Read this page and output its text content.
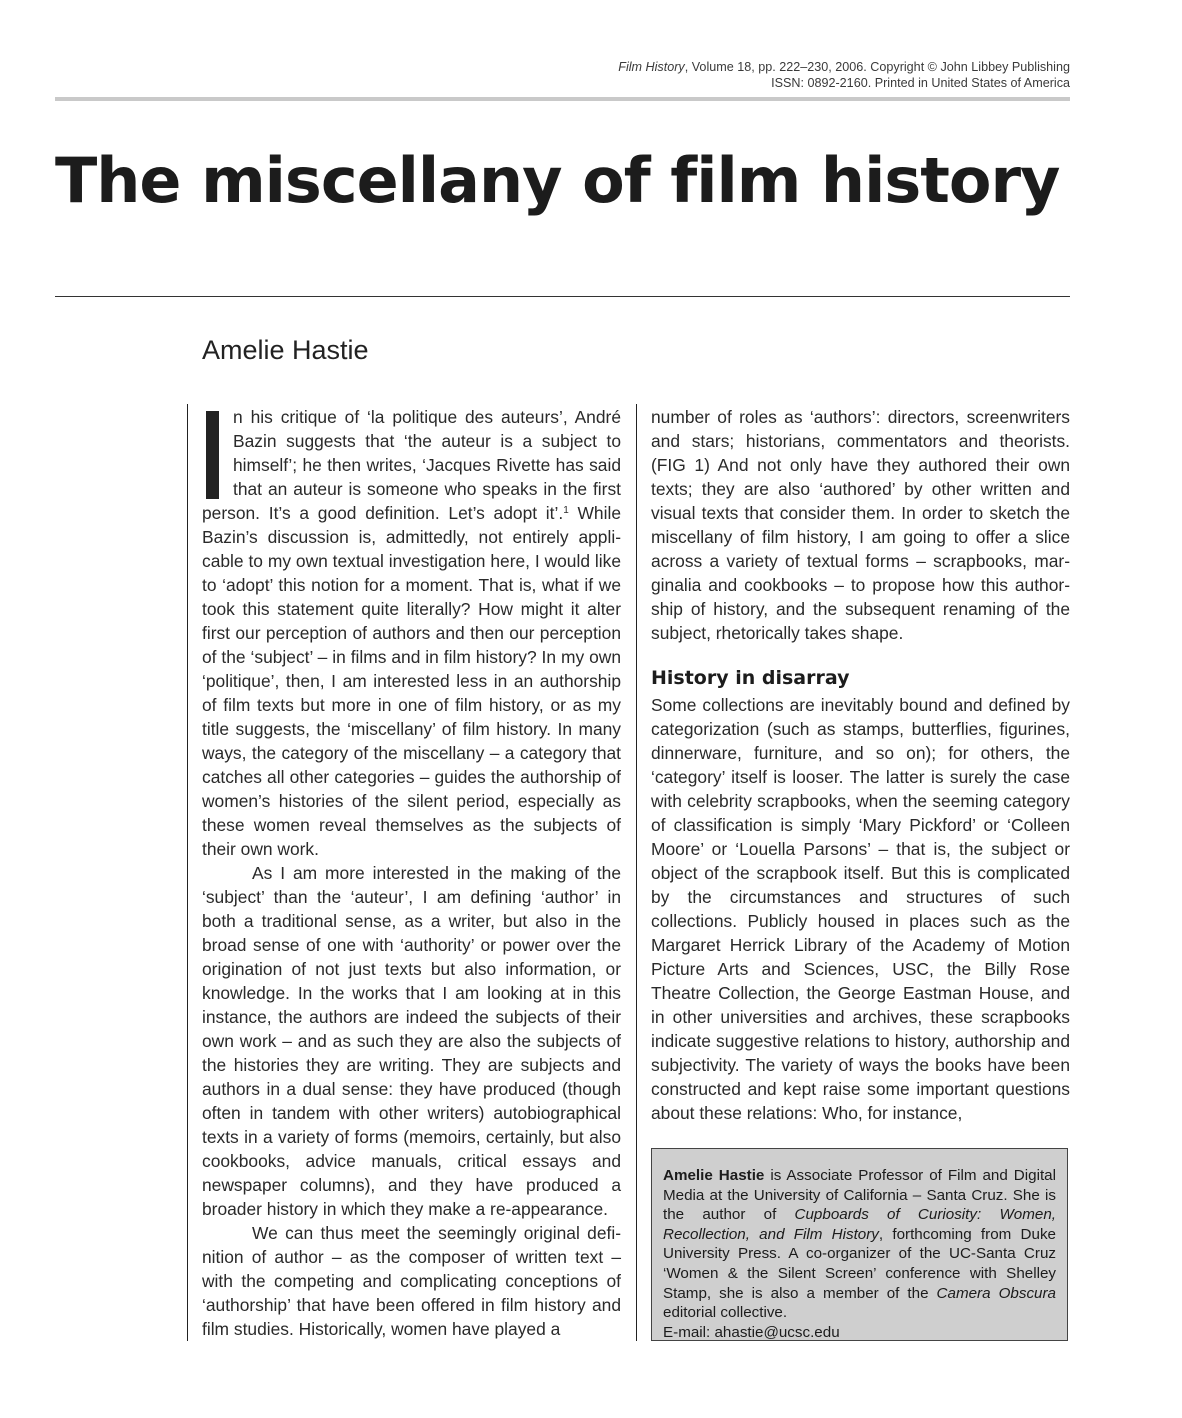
Film History, Volume 18, pp. 222–230, 2006. Copyright © John Libbey Publishing
ISSN: 0892-2160. Printed in United States of America
The miscellany of film history
Amelie Hastie

n his critique of ‘la politique des auteurs’, André Bazin suggests that ‘the auteur is a subject to himself’; he then writes, ‘Jacques Rivette has said that an auteur is someone who speaks in the first person. It’s a good definition. Let’s adopt it’.$^1$ While Bazin’s discussion is, admittedly, not entirely applicable to my own textual investigation here, I would like to ‘adopt’ this notion for a moment. That is, what if we took this statement quite literally? How might it alter first our perception of authors and then our perception of the ‘subject’ – in films and in film history? In my own ‘politique’, then, I am interested less in an authorship of film texts but more in one of film history, or as my title suggests, the ‘miscellany’ of film history. In many ways, the category of the miscellany – a category that catches all other categories – guides the authorship of women’s histories of the silent period, especially as these women reveal themselves as the subjects of their own work.

As I am more interested in the making of the ‘subject’ than the ‘auteur’, I am defining ‘author’ in both a traditional sense, as a writer, but also in the broad sense of one with ‘authority’ or power over the origination of not just texts but also information, or knowledge. In the works that I am looking at in this instance, the authors are indeed the subjects of their own work – and as such they are also the subjects of the histories they are writing. They are subjects and authors in a dual sense: they have produced (though often in tandem with other writers) autobiographical texts in a variety of forms (memoirs, certainly, but also cookbooks, advice manuals, critical essays and newspaper columns), and they have produced a broader history in which they make a re-appearance.

We can thus meet the seemingly original definition of author – as the composer of written text – with the competing and complicating conceptions of ‘authorship’ that have been offered in film history and film studies. Historically, women have played a

number of roles as ‘authors’: directors, screenwriters and stars; historians, commentators and theorists. (FIG 1) And not only have they authored their own texts; they are also ‘authored’ by other written and visual texts that consider them. In order to sketch the miscellany of film history, I am going to offer a slice across a variety of textual forms – scrapbooks, marginalia and cookbooks – to propose how this authorship of history, and the subsequent renaming of the subject, rhetorically takes shape.

History in disarray

Some collections are inevitably bound and defined by categorization (such as stamps, butterflies, figurines, dinnerware, furniture, and so on); for others, the ‘category’ itself is looser. The latter is surely the case with celebrity scrapbooks, when the seeming category of classification is simply ‘Mary Pickford’ or ‘Colleen Moore’ or ‘Louella Parsons’ – that is, the subject or object of the scrapbook itself. But this is complicated by the circumstances and structures of such collections. Publicly housed in places such as the Margaret Herrick Library of the Academy of Motion Picture Arts and Sciences, USC, the Billy Rose Theatre Collection, the George Eastman House, and in other universities and archives, these scrapbooks indicate suggestive relations to history, authorship and subjectivity. The variety of ways the books have been constructed and kept raise some important questions about these relations: Who, for instance,

Amelie Hastie is Associate Professor of Film and Digital Media at the University of California – Santa Cruz. She is the author of Cupboards of Curiosity: Women, Recollection, and Film History, forthcoming from Duke University Press. A co-organizer of the UC-Santa Cruz ‘Women & the Silent Screen’ conference with Shelley Stamp, she is also a member of the Camera Obscura editorial collective.
E-mail: ahastie@ucsc.edu
